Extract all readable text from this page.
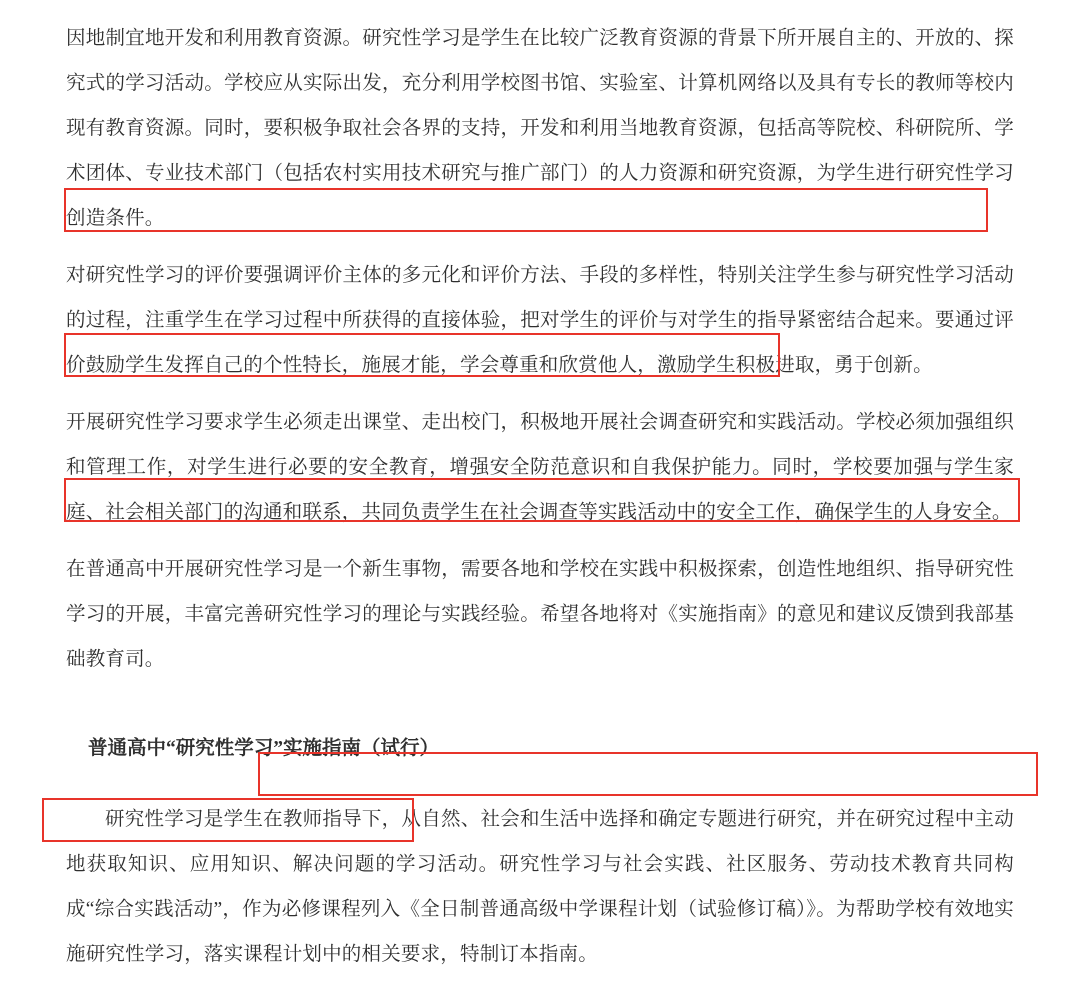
因地制宜地开发和利用教育资源。研究性学习是学生在比较广泛教育资源的背景下所开展自主的、开放的、探究式的学习活动。学校应从实际出发，充分利用学校图书馆、实验室、计算机网络以及具有专长的教师等校内现有教育资源。同时，要积极争取社会各界的支持，开发和利用当地教育资源，包括高等院校、科研院所、学术团体、专业技术部门（包括农村实用技术研究与推广部门）的人力资源和研究资源，为学生进行研究性学习创造条件。

对研究性学习的评价要强调评价主体的多元化和评价方法、手段的多样性，特别关注学生参与研究性学习活动的过程，注重学生在学习过程中所获得的直接体验，把对学生的评价与对学生的指导紧密结合起来。要通过评价鼓励学生发挥自己的个性特长，施展才能，学会尊重和欣赏他人，激励学生积极进取，勇于创新。

开展研究性学习要求学生必须走出课堂、走出校门，积极地开展社会调查研究和实践活动。学校必须加强组织和管理工作，对学生进行必要的安全教育，增强安全防范意识和自我保护能力。同时，学校要加强与学生家庭、社会相关部门的沟通和联系，共同负责学生在社会调查等实践活动中的安全工作，确保学生的人身安全。

在普通高中开展研究性学习是一个新生事物，需要各地和学校在实践中积极探索，创造性地组织、指导研究性学习的开展，丰富完善研究性学习的理论与实践经验。希望各地将对《实施指南》的意见和建议反馈到我部基础教育司。

普通高中“研究性学习”实施指南（试行）

研究性学习是学生在教师指导下，从自然、社会和生活中选择和确定专题进行研究，并在研究过程中主动地获取知识、应用知识、解决问题的学习活动。研究性学习与社会实践、社区服务、劳动技术教育共同构成“综合实践活动”，作为必修课程列入《全日制普通高级中学课程计划（试验修订稿）》。为帮助学校有效地实施研究性学习，落实课程计划中的相关要求，特制订本指南。
